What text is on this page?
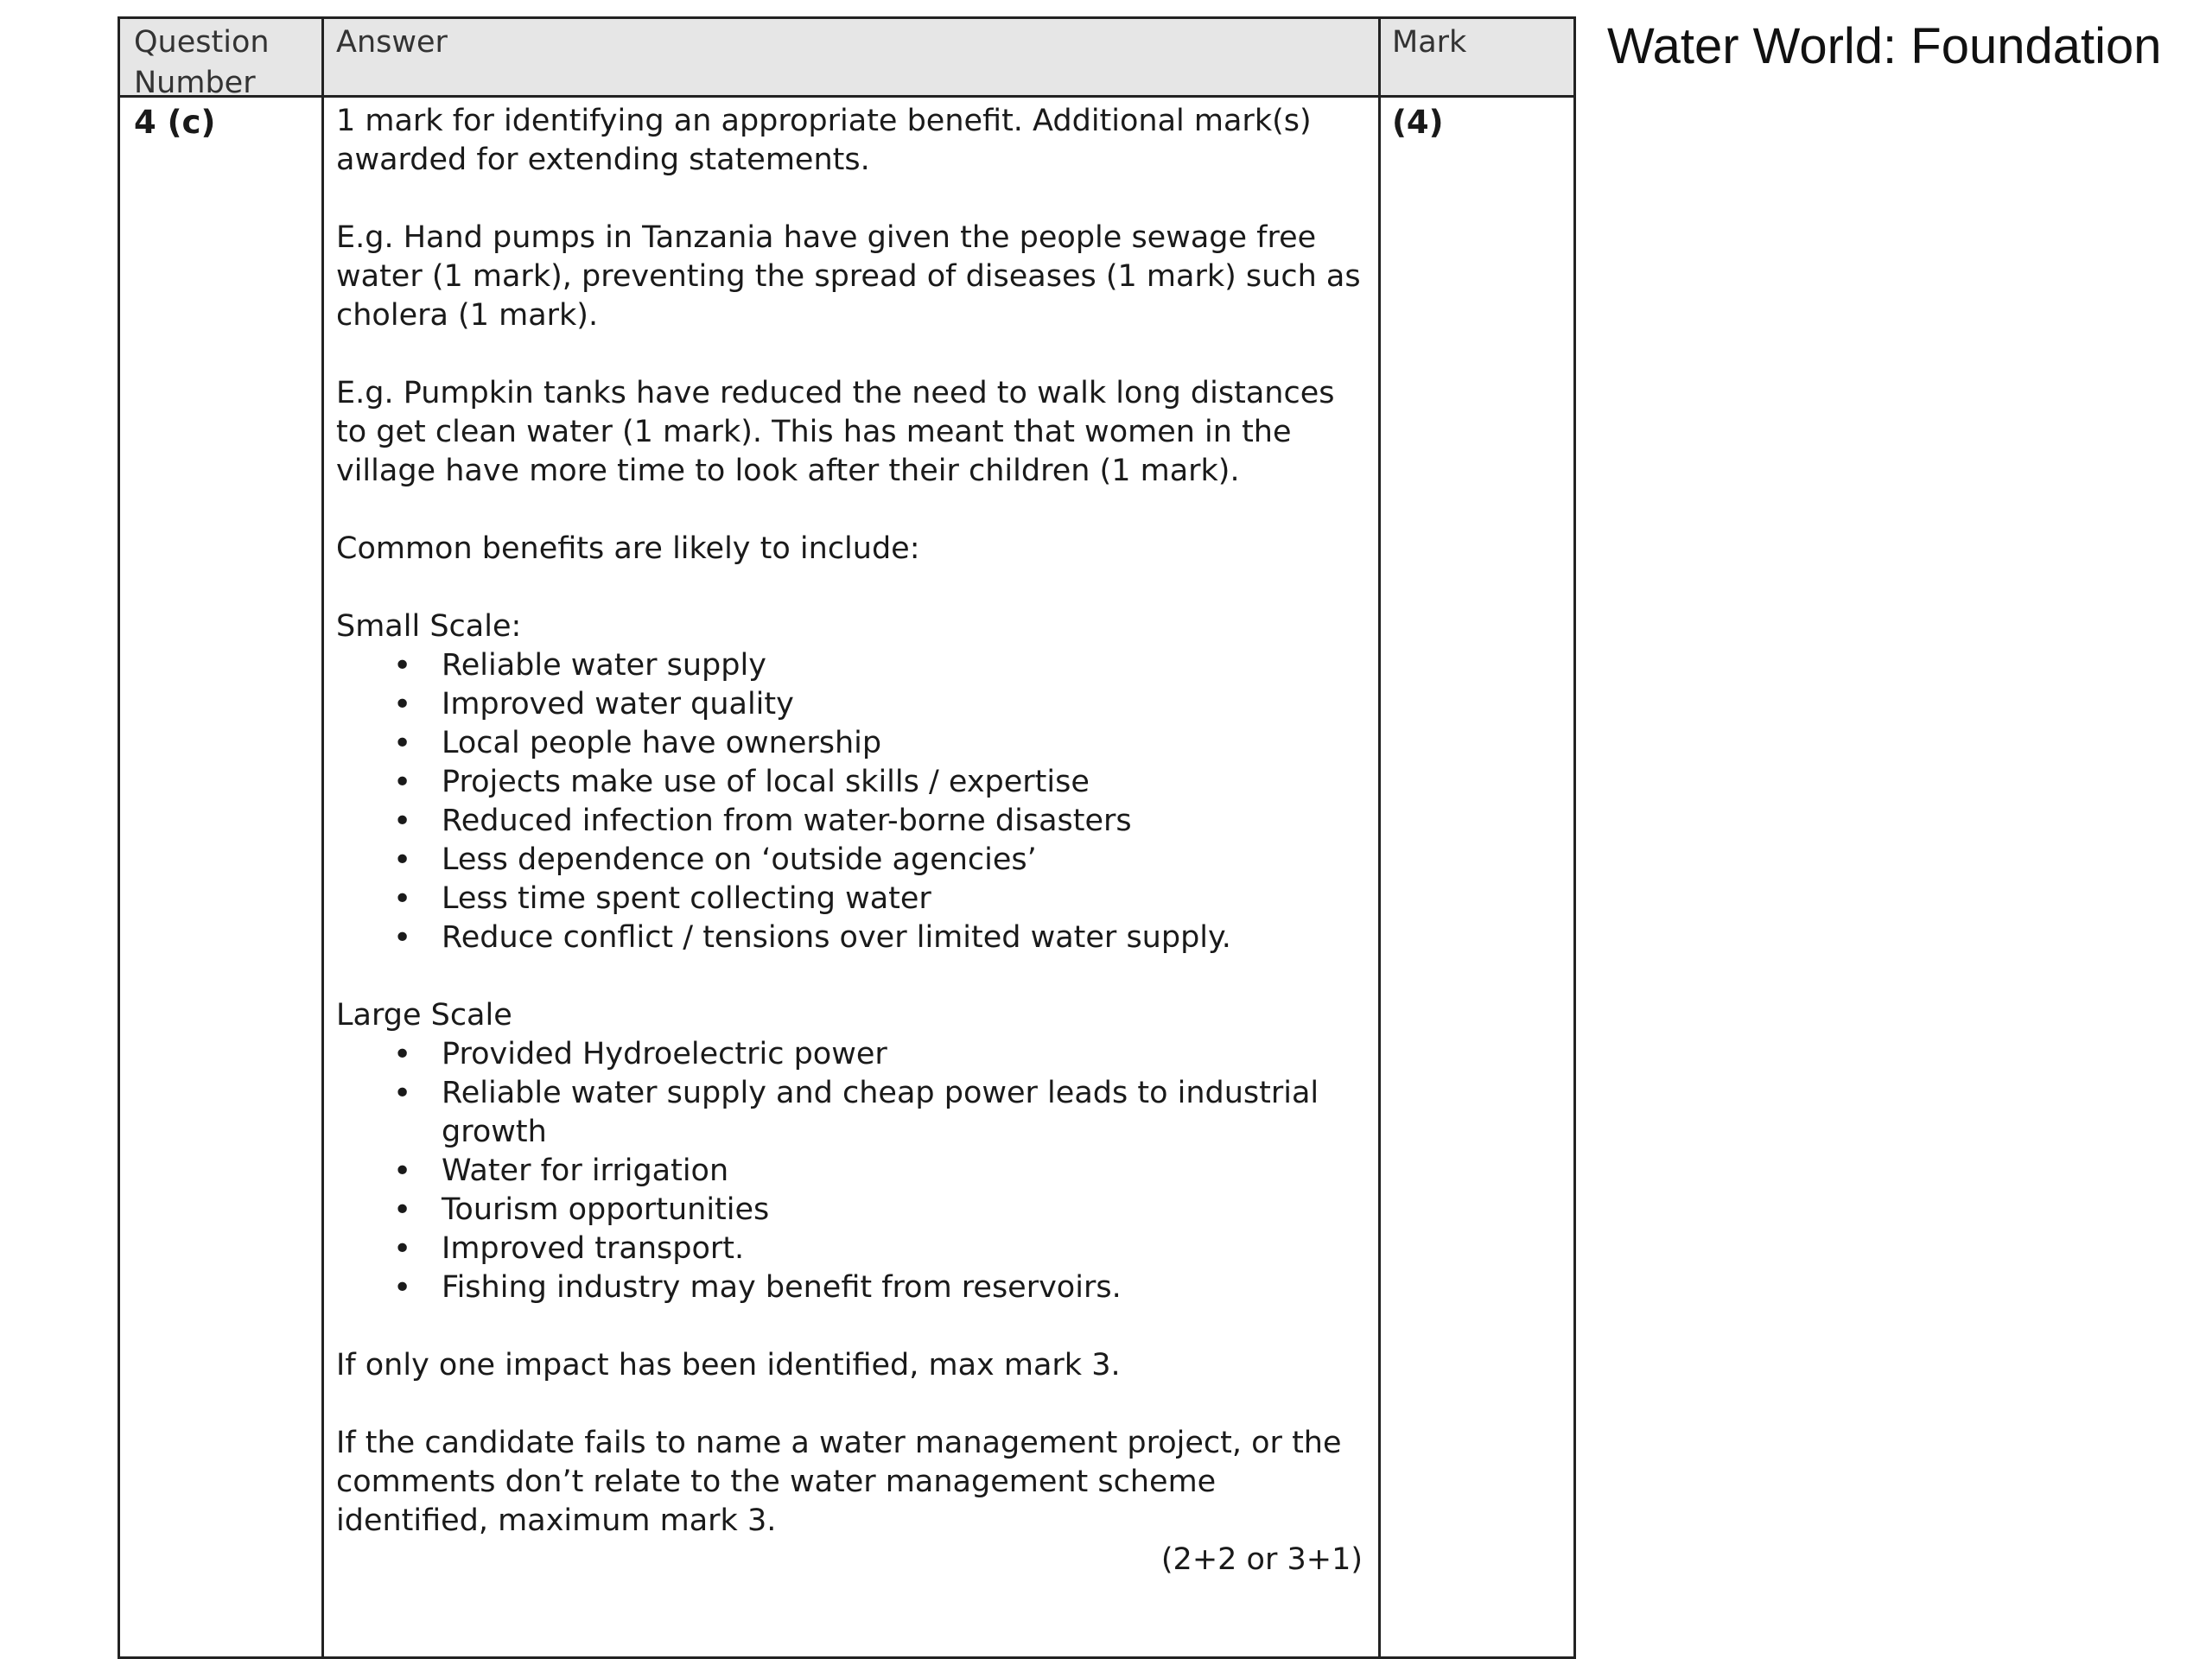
Water World: Foundation
Question Number
Answer	Mark
4 (c)	1 mark for identifying an appropriate benefit. Additional mark(s) awarded for extending statements.

E.g. Hand pumps in Tanzania have given the people sewage free water (1 mark), preventing the spread of diseases (1 mark) such as cholera (1 mark).

E.g. Pumpkin tanks have reduced the need to walk long distances to get clean water (1 mark). This has meant that women in the village have more time to look after their children (1 mark).

Common benefits are likely to include:

Small Scale:

• Reliable water supply
• Improved water quality
• Local people have ownership
• Projects make use of local skills / expertise
• Reduced infection from water-borne disasters
• Less dependence on ‘outside agencies’
• Less time spent collecting water
• Reduce conflict / tensions over limited water supply.

Large Scale

• Provided Hydroelectric power
• Reliable water supply and cheap power leads to industrial growth
• Water for irrigation
• Tourism opportunities
• Improved transport.
• Fishing industry may benefit from reservoirs.

If only one impact has been identified, max mark 3.

If the candidate fails to name a water management project, or the comments don’t relate to the water management scheme identified, maximum mark 3.

(2+2 or 3+1)

(4)
